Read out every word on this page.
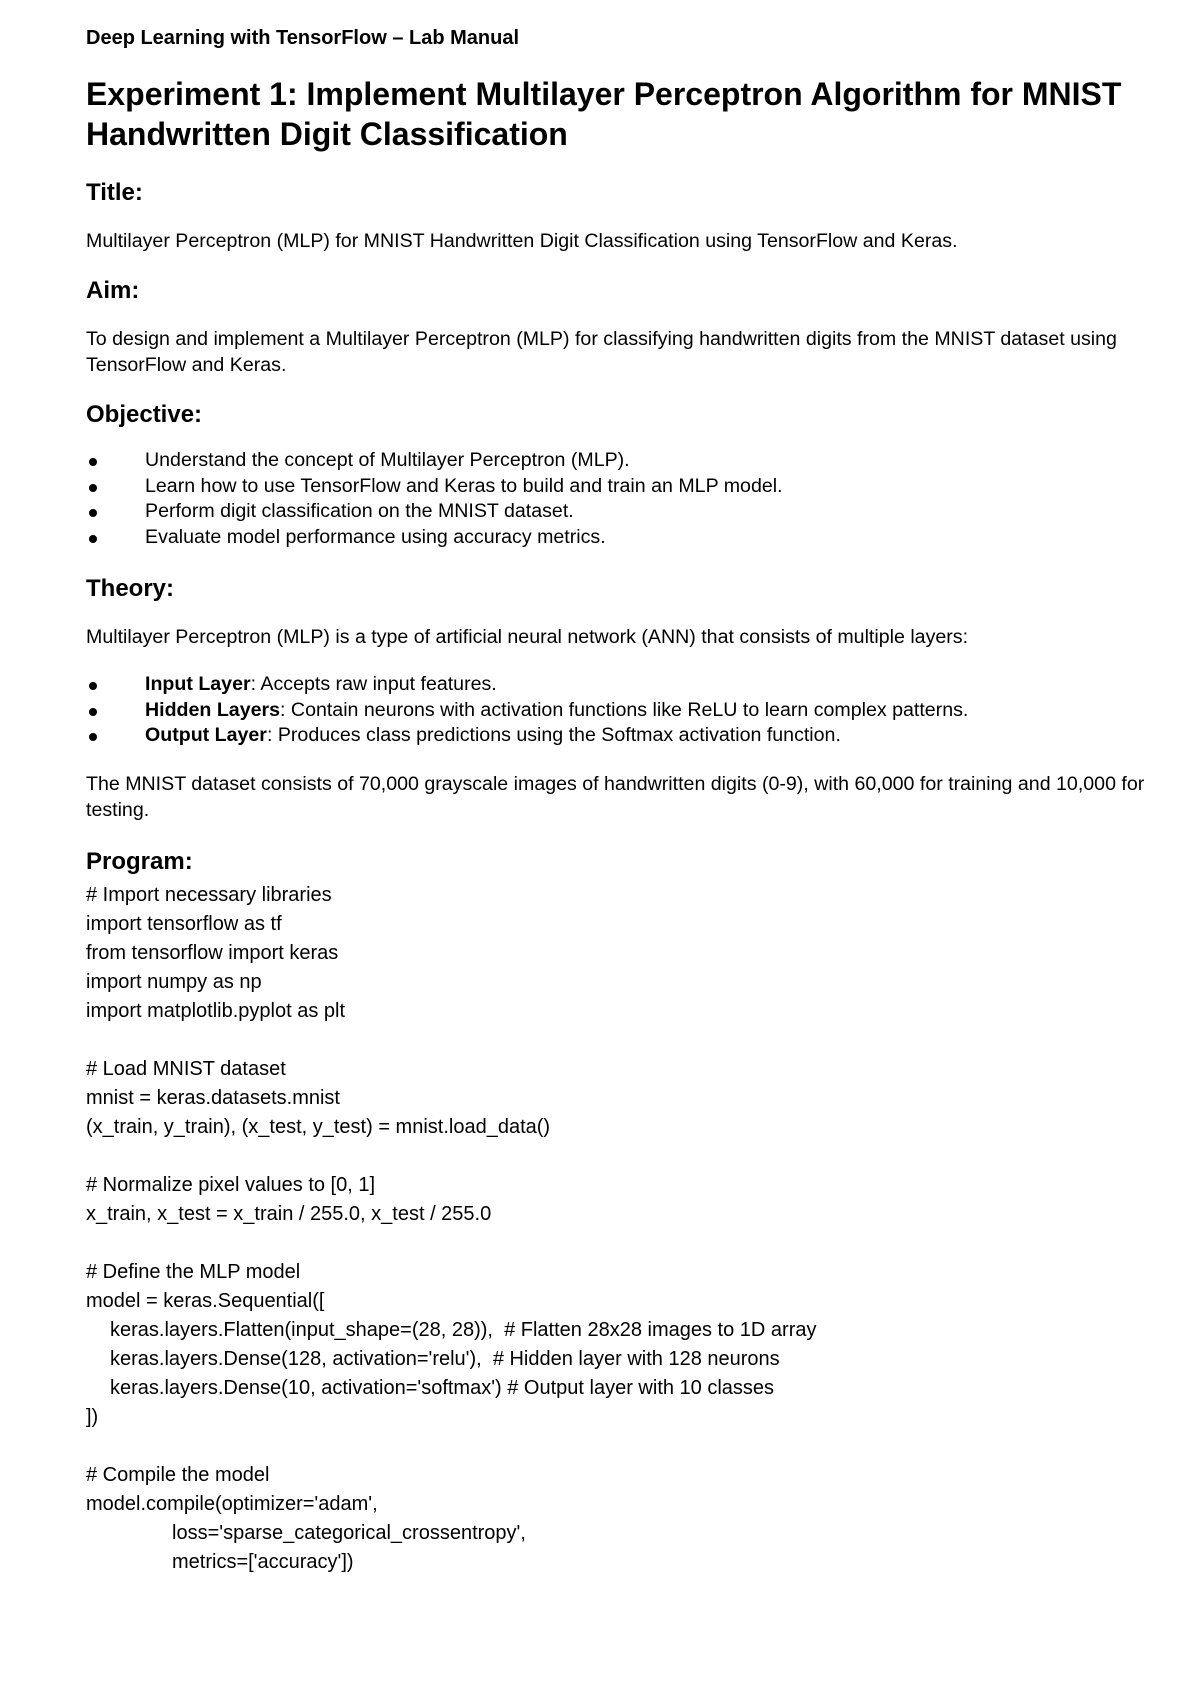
Deep Learning with TensorFlow – Lab Manual

Experiment 1: Implement Multilayer Perceptron Algorithm for MNIST Handwritten Digit Classification
Title:

Multilayer Perceptron (MLP) for MNIST Handwritten Digit Classification using TensorFlow and Keras.

Aim:

To design and implement a Multilayer Perceptron (MLP) for classifying handwritten digits from the MNIST dataset using TensorFlow and Keras.

Objective:
Understand the concept of Multilayer Perceptron (MLP).
Learn how to use TensorFlow and Keras to build and train an MLP model.
Perform digit classification on the MNIST dataset.
Evaluate model performance using accuracy metrics.
Theory:

Multilayer Perceptron (MLP) is a type of artificial neural network (ANN) that consists of multiple layers:

Input Layer: Accepts raw input features.
Hidden Layers: Contain neurons with activation functions like ReLU to learn complex patterns.
Output Layer: Produces class predictions using the Softmax activation function.

The MNIST dataset consists of 70,000 grayscale images of handwritten digits (0-9), with 60,000 for training and 10,000 for testing.

Program:
# Import necessary libraries
import tensorflow as tf
from tensorflow import keras
import numpy as np
import matplotlib.pyplot as plt
# Load MNIST dataset
mnist = keras.datasets.mnist
(x_train, y_train), (x_test, y_test) = mnist.load_data()
# Normalize pixel values to [0, 1]
x_train, x_test = x_train / 255.0, x_test / 255.0
# Define the MLP model
model = keras.Sequential([
keras.layers.Flatten(input_shape=(28, 28)),  # Flatten 28x28 images to 1D array
keras.layers.Dense(128, activation='relu'),  # Hidden layer with 128 neurons
keras.layers.Dense(10, activation='softmax') # Output layer with 10 classes
])
# Compile the model
model.compile(optimizer='adam',
loss='sparse_categorical_crossentropy',
metrics=['accuracy'])
